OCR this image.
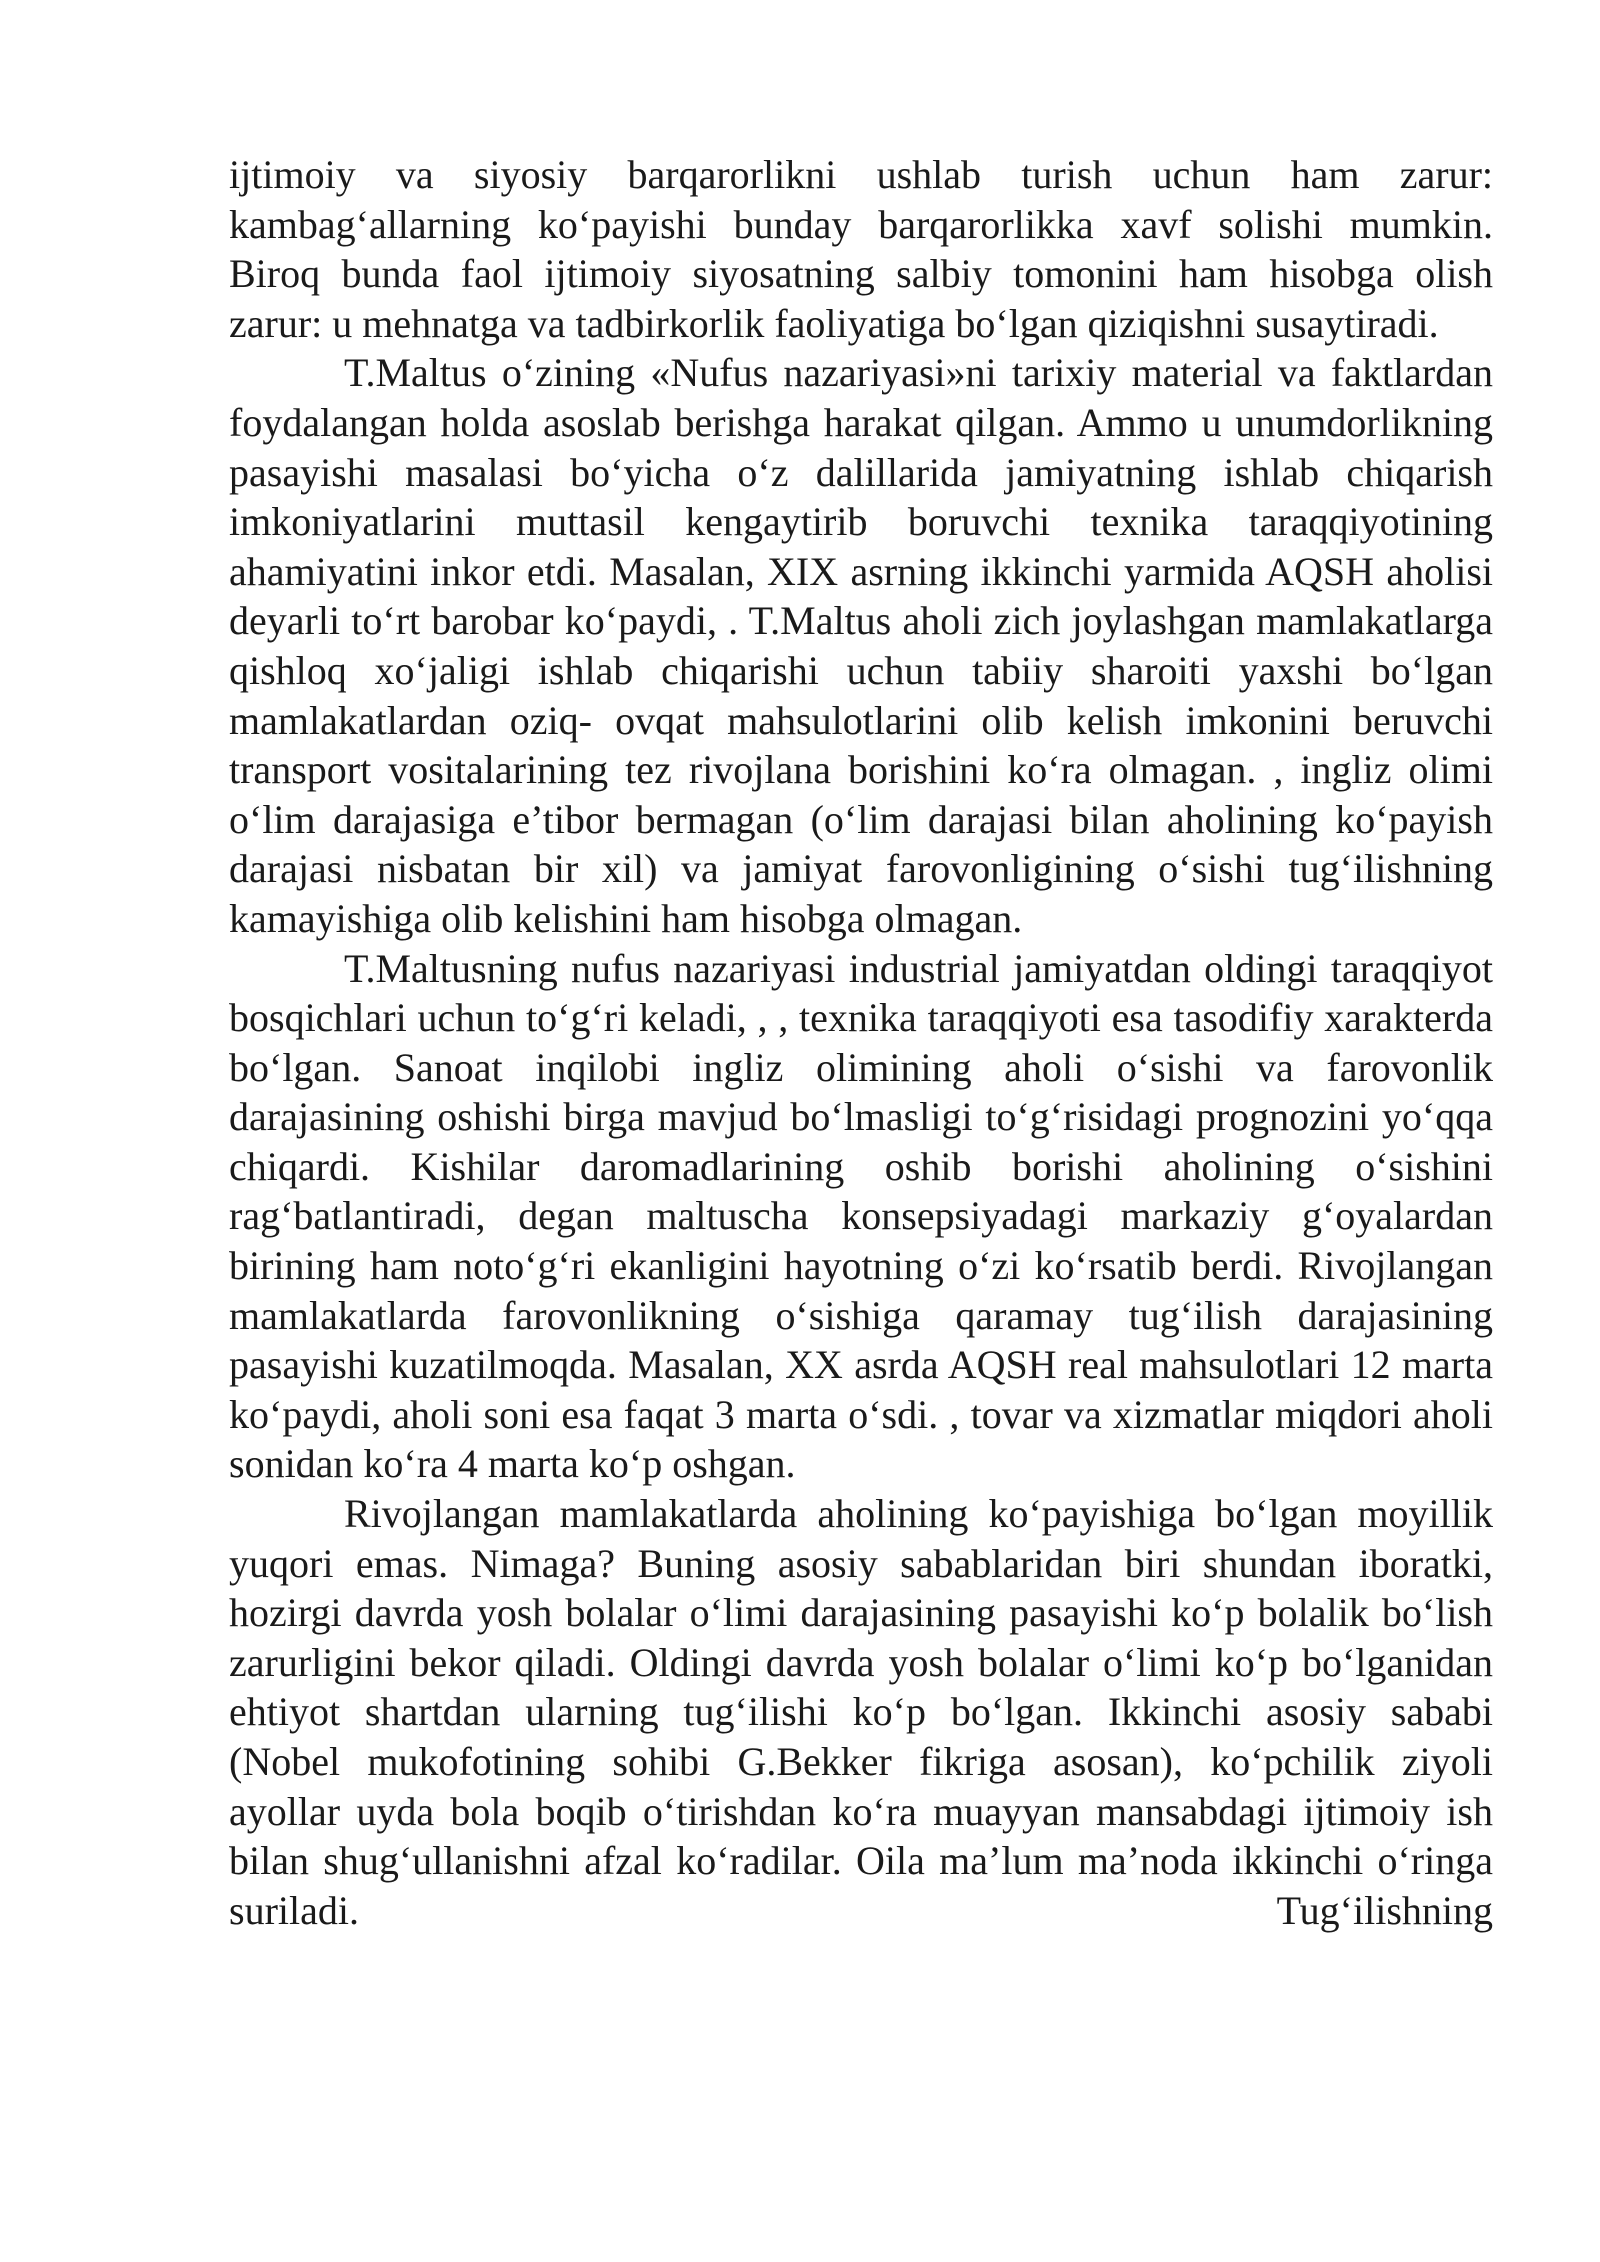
ijtimoiy va siyosiy barqarorlikni ushlab turish uchun ham zarur: kambag‘allarning ko‘payishi bunday barqarorlikka xavf solishi mumkin. Biroq bunda faol ijtimoiy siyosatning salbiy tomonini ham hisobga olish zarur: u mehnatga va tadbirkorlik faoliyatiga bo‘lgan qiziqishni susaytiradi.

T.Maltus o‘zining «Nufus nazariyasi»ni tarixiy material va faktlardan foydalangan holda asoslab berishga harakat qilgan. Ammo u unumdorlikning pasayishi masalasi bo‘yicha o‘z dalillarida jamiyatning ishlab chiqarish imkoniyatlarini muttasil kengaytirib boruvchi texnika taraqqiyotining ahamiyatini inkor etdi. Masalan, XIX asrning ikkinchi yarmida AQSH aholisi deyarli to‘rt barobar ko‘paydi, . T.Maltus aholi zich joylashgan mamlakatlarga qishloq xo‘jaligi ishlab chiqarishi uchun tabiiy sharoiti yaxshi bo‘lgan mamlakatlardan oziq- ovqat mahsulotlarini olib kelish imkonini beruvchi transport vositalarining tez rivojlana borishini ko‘ra olmagan. , ingliz olimi o‘lim darajasiga e’tibor bermagan (o‘lim darajasi bilan aholining ko‘payish darajasi nisbatan bir xil) va jamiyat farovonligining o‘sishi tug‘ilishning kamayishiga olib kelishini ham hisobga olmagan.

T.Maltusning nufus nazariyasi industrial jamiyatdan oldingi taraqqiyot bosqichlari uchun to‘g‘ri keladi, , , texnika taraqqiyoti esa tasodifiy xarakterda bo‘lgan. Sanoat inqilobi ingliz olimining aholi o‘sishi va farovonlik darajasining oshishi birga mavjud bo‘lmasligi to‘g‘risidagi prognozini yo‘qqa chiqardi. Kishilar daromadlarining oshib borishi aholining o‘sishini rag‘batlantiradi, degan maltuscha konsepsiyadagi markaziy g‘oyalardan birining ham noto‘g‘ri ekanligini hayotning o‘zi ko‘rsatib berdi. Rivojlangan mamlakatlarda farovonlikning o‘sishiga qaramay tug‘ilish darajasining pasayishi kuzatilmoqda. Masalan, XX asrda AQSH real mahsulotlari 12 marta ko‘paydi, aholi soni esa faqat 3 marta o‘sdi. , tovar va xizmatlar miqdori aholi sonidan ko‘ra 4 marta ko‘p oshgan.

Rivojlangan mamlakatlarda aholining ko‘payishiga bo‘lgan moyillik yuqori emas. Nimaga? Buning asosiy sabablaridan biri shundan iboratki, hozirgi davrda yosh bolalar o‘limi darajasining pasayishi ko‘p bolalik bo‘lish zarurligini bekor qiladi. Oldingi davrda yosh bolalar o‘limi ko‘p bo‘lganidan ehtiyot shartdan ularning tug‘ilishi ko‘p bo‘lgan. Ikkinchi asosiy sababi (Nobel mukofotining sohibi G.Bekker fikriga asosan), ko‘pchilik ziyoli ayollar uyda bola boqib o‘tirishdan ko‘ra muayyan mansabdagi ijtimoiy ish bilan shug‘ullanishni afzal ko‘radilar. Oila ma’lum ma’noda ikkinchi o‘ringa suriladi. Tug‘ilishning
